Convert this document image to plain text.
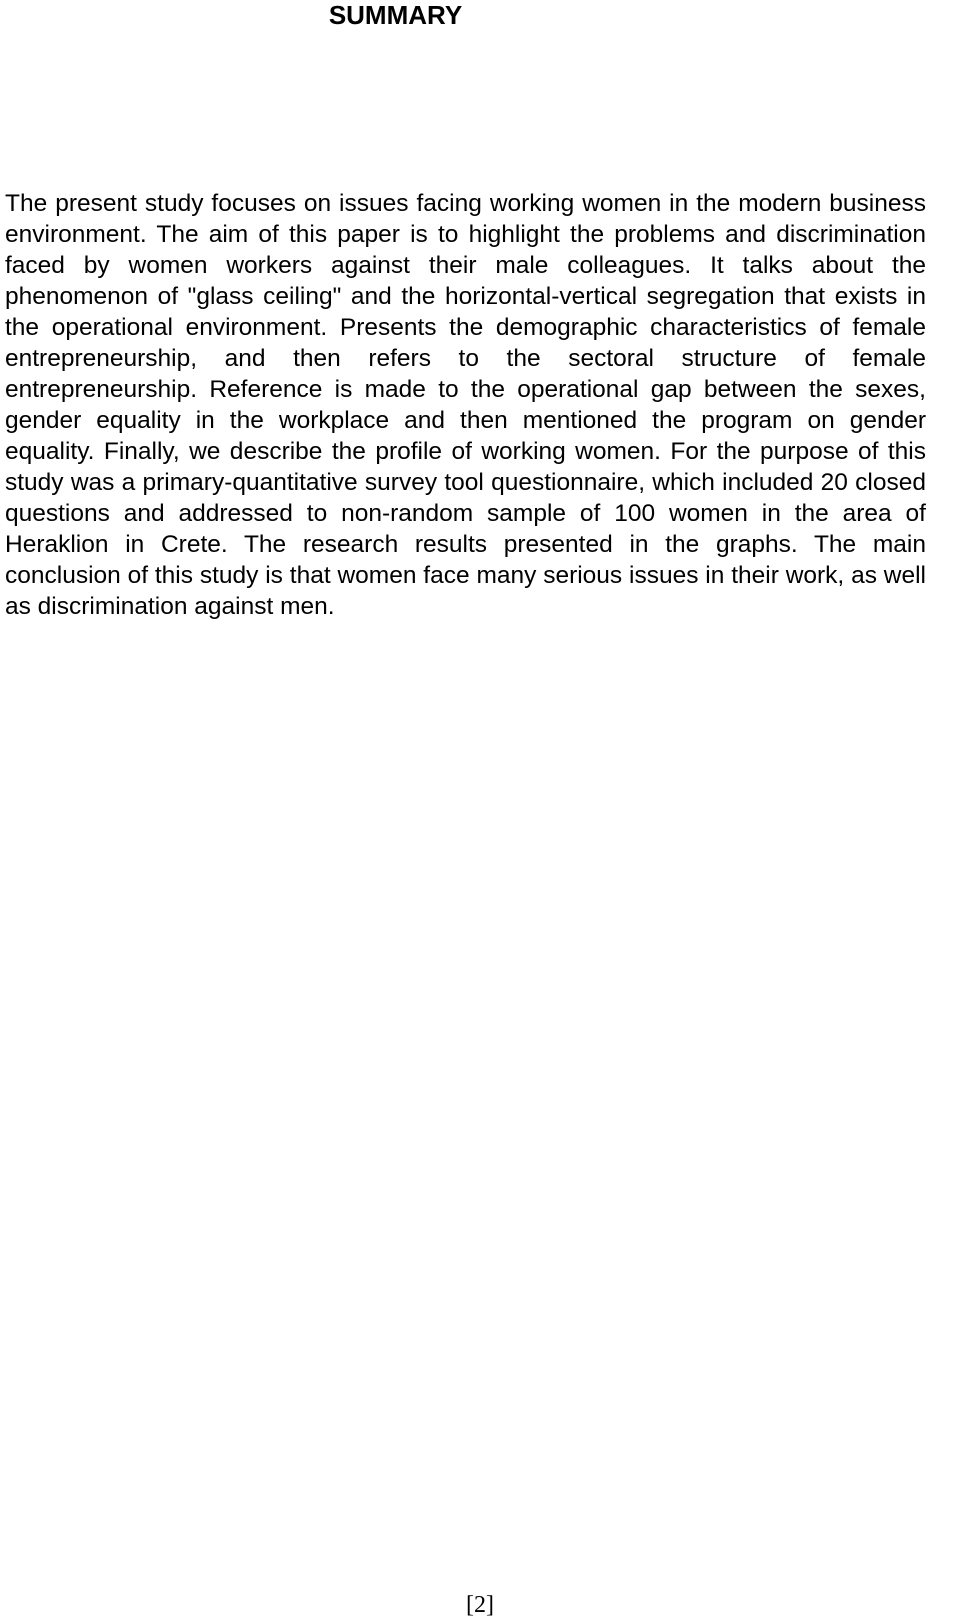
SUMMARY

The present study focuses on issues facing working women in the modern business environment. The aim of this paper is to highlight the problems and discrimination faced by women workers against their male colleagues. It talks about the phenomenon of "glass ceiling" and the horizontal-vertical segregation that exists in the operational environment. Presents the demographic characteristics of female entrepreneurship, and then refers to the sectoral structure of female entrepreneurship. Reference is made to the operational gap between the sexes, gender equality in the workplace and then mentioned the program on gender equality. Finally, we describe the profile of working women. For the purpose of this study was a primary-quantitative survey tool questionnaire, which included 20 closed questions and addressed to non-random sample of 100 women in the area of Heraklion in Crete. The research results presented in the graphs. The main conclusion of this study is that women face many serious issues in their work, as well as discrimination against men.

[2]
